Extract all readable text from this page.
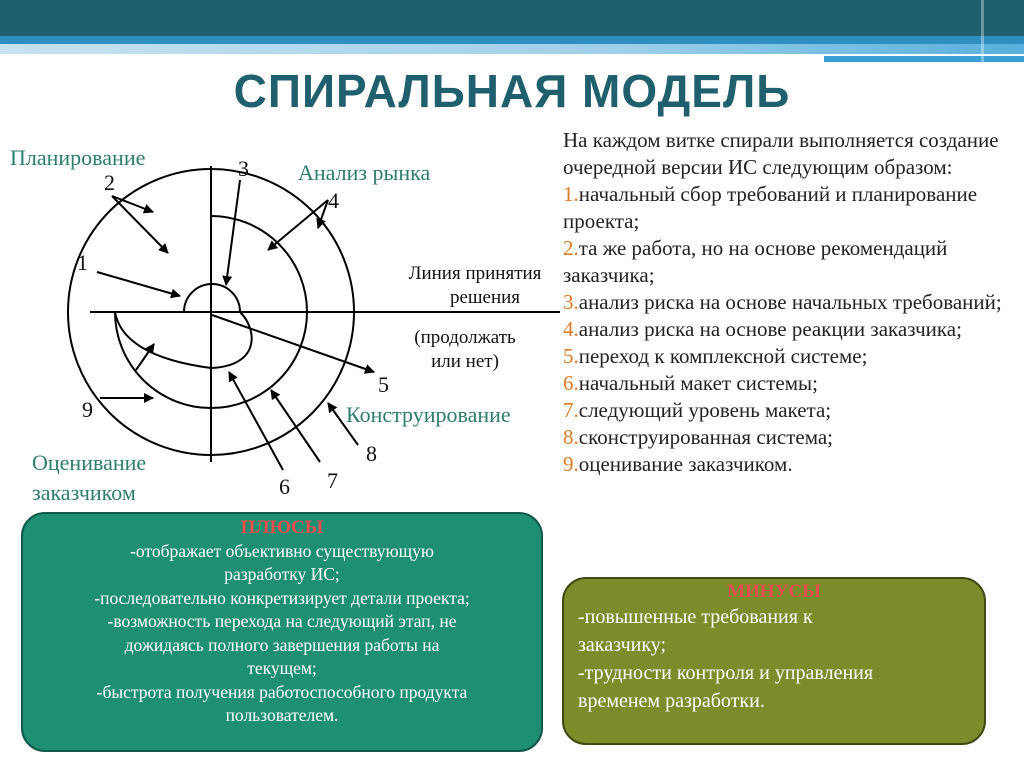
СПИРАЛЬНАЯ МОДЕЛЬ
Планирование
Анализ рынка
Конструирование
Оценивание
заказчиком
Линия принятия
решения
(продолжать
или нет)
1
2
3
4
5
6 7
8
9
На каждом витке спирали выполняется создание очередной версии ИС следующим образом:
1.начальный сбор требований и планирование проекта;
2.та же работа, но на основе рекомендаций заказчика;
3.анализ риска на основе начальных требований;
4.анализ риска на основе реакции заказчика;
5.переход к комплексной системе;
6.начальный макет системы;
7.следующий уровень макета;
8.сконструированная система;
9.оценивание заказчиком.
ПЛЮСЫ
-отображает объективно существующую
разработку ИС;
-последовательно конкретизирует детали проекта;
-возможность перехода на следующий этап, не
дожидаясь полного завершения работы на
текущем;
-быстрота получения работоспособного продукта
пользователем.
МИНУСЫ
-повышенные требования к
заказчику;
-трудности контроля и управления
временем разработки.
